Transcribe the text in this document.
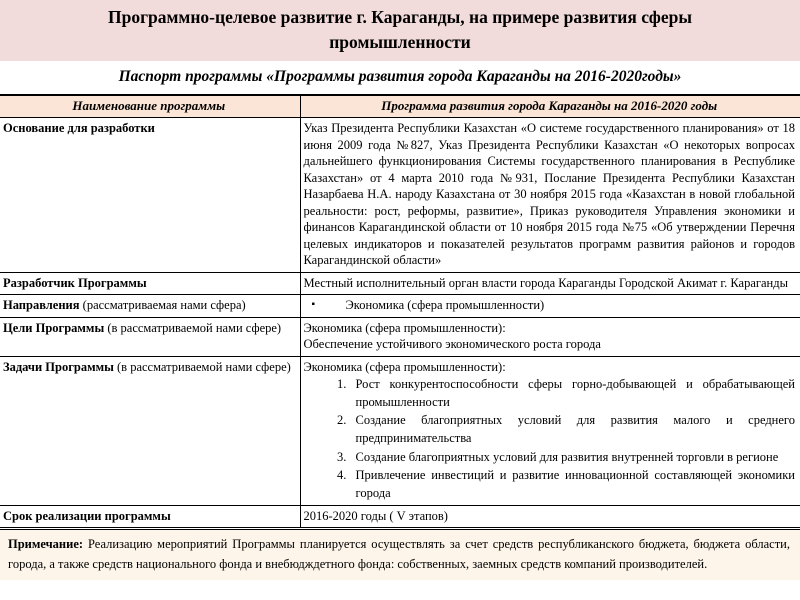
Программно-целевое развитие г. Караганды, на примере развития сферы промышленности
Паспорт программы «Программы развития города Караганды на 2016-2020годы»
Наименование программы	Программа развития города Караганды на 2016-2020 годы
Основание для разработки	Указ Президента Республики Казахстан «О системе государственного планирования» от 18 июня 2009 года №827, Указ Президента Республики Казахстан «О некоторых вопросах дальнейшего функционирования Системы государственного планирования в Республике Казахстан» от 4 марта 2010 года №931, Послание Президента Республики Казахстан Назарбаева Н.А. народу Казахстана от 30 ноября 2015 года «Казахстан в новой глобальной реальности: рост, реформы, развитие», Приказ руководителя Управления экономики и финансов Карагандинской области от 10 ноября 2015 года №75 «Об утверждении Перечня целевых индикаторов и показателей результатов программ развития районов и городов Карагандинской области»
Разработчик Программы	Местный исполнительный орган власти города Караганды Городской Акимат г. Караганды
Направления (рассматриваемая нами сфера)	▪ Экономика (сфера промышленности)

Цели Программы (в рассматриваемой нами сфере)	Экономика (сфера промышленности):
Обеспечение устойчивого экономического роста города

Задачи Программы (в рассматриваемой нами сфере)	Экономика (сфера промышленности):
1. Рост конкурентоспособности сферы горно-добывающей и обрабатывающей промышленности
2. Создание благоприятных условий для развития малого и среднего предпринимательства
3. Создание благоприятных условий для развития внутренней торговли в регионе
4. Привлечение инвестиций и развитие инновационной составляющей экономики города

Срок реализации программы	2016-2020 годы ( V этапов)
Примечание: Реализацию мероприятий Программы планируется осуществлять за счет средств республиканского бюджета, бюджета области, города, а также средств национального фонда и внебюдждетного фонда: собственных, заемных средств компаний производителей.
